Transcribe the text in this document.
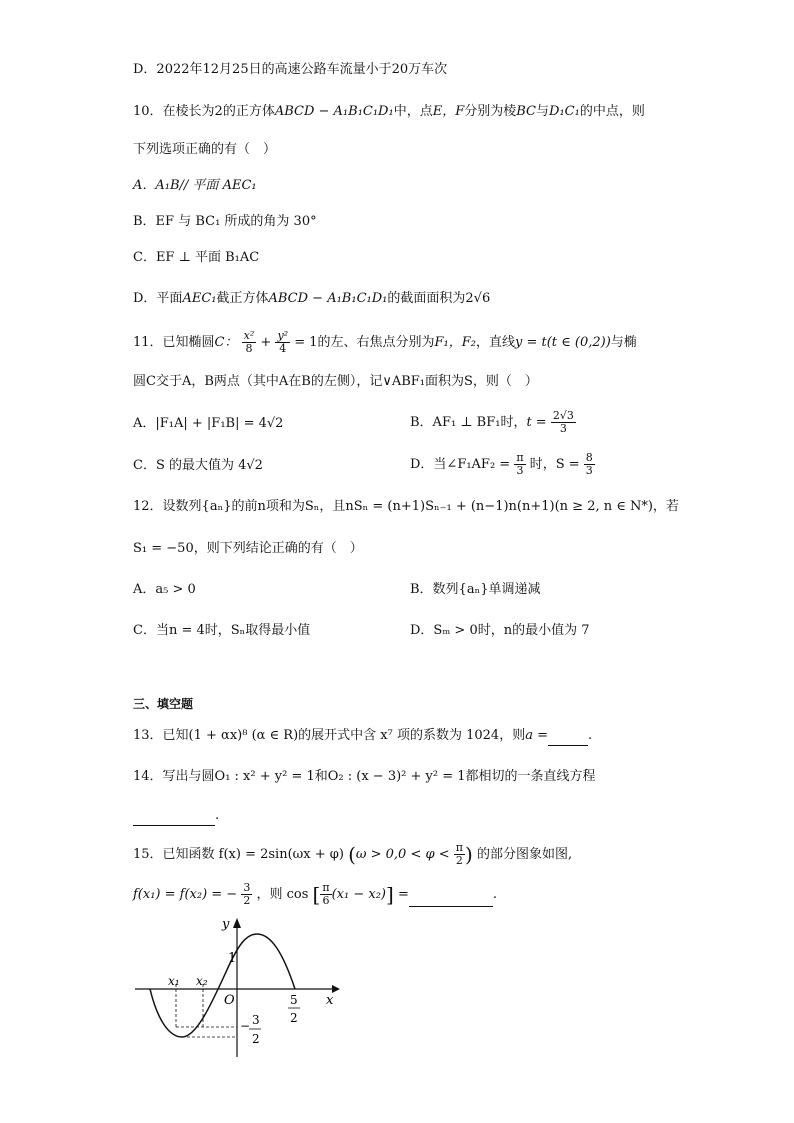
D．2022年12月25日的高速公路车流量小于20万车次
10．在棱长为2的正方体ABCD − A₁B₁C₁D₁中，点E，F分别为棱BC与D₁C₁的中点，则
下列选项正确的有（　）
A．A₁B// 平面 AEC₁
B．EF 与 BC₁ 所成的角为 30°
C．EF ⊥ 平面 B₁AC
D．平面AEC₁截正方体ABCD − A₁B₁C₁D₁的截面面积为2√6
11．已知椭圆C： $\frac{\text{x²}}{8} + \frac{\text{y²}}{4} = 1$的左、右焦点分别为F₁，F₂，直线y = t(t ∈ (0,2))与椭
圆C交于A，B两点（其中A在B的左侧），记∨ABF₁面积为S，则（　）
A．|F₁A| + |F₁B| = 4√2	B．AF₁ ⊥ BF₁时，$t = \frac{2√3}{3}$
C．S 的最大值为 4√2	D．当∠F₁AF₂ = $\frac{\pi}{3}$ 时，$S = \frac{8}{3}$
12．设数列{aₙ}的前n项和为Sₙ，且nSₙ = (n+1)Sₙ₋₁ + (n−1)n(n+1)(n ≥ 2, n ∈ N*)，若
S₁ = −50，则下列结论正确的有（　）
A．a₅ > 0	B．数列{aₙ}单调递减
C．当n = 4时，Sₙ取得最小值	D．Sₘ > 0时，n的最小值为 7
三、填空题
13．已知(1 + αx)⁸ (α ∈ R)的展开式中含 x⁷ 项的系数为 1024，则a =	.
14．写出与圆O₁ : x² + y² = 1和O₂ : (x − 3)² + y² = 1都相切的一条直线方程
.
15．已知函数 f(x) = 2sin(ωx + φ) ($\omega > 0,0 < \varphi < \frac{\pi}{2}$ ) 的部分图象如图,
f(x₁) = f(x₂) = − $\frac{3}{2}$ ，则 cos [ $\frac{\pi}{6} (x_1 - x_2)$] =	.
y
x
O
1
x₁ x₂
5
2
− 3
2
